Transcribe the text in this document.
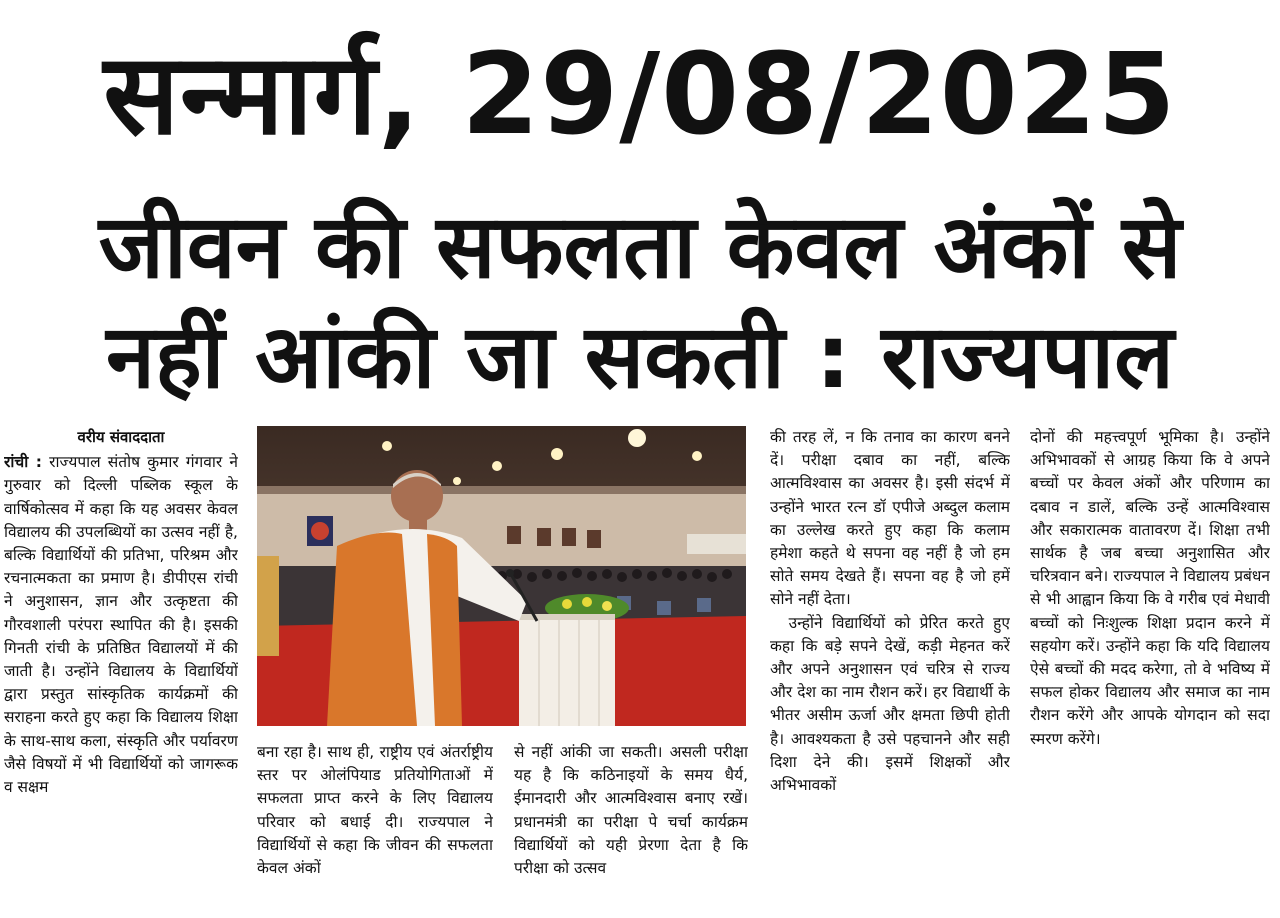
सन्मार्ग, 29/08/2025
जीवन की सफलता केवल अंकों से
नहीं आंकी जा सकती : राज्यपाल
वरीय संवाददाता

रांची : राज्यपाल संतोष कुमार गंगवार ने गुरुवार को दिल्ली पब्लिक स्कूल के वार्षिकोत्सव में कहा कि यह अवसर केवल विद्यालय की उपलब्धियों का उत्सव नहीं है, बल्कि विद्यार्थियों की प्रतिभा, परिश्रम और रचनात्मकता का प्रमाण है। डीपीएस रांची ने अनुशासन, ज्ञान और उत्कृष्टता की गौरवशाली परंपरा स्थापित की है। इसकी गिनती रांची के प्रतिष्ठित विद्यालयों में की जाती है। उन्होंने विद्यालय के विद्यार्थियों द्वारा प्रस्तुत सांस्कृतिक कार्यक्रमों की सराहना करते हुए कहा कि विद्यालय शिक्षा के साथ-साथ कला, संस्कृति और पर्यावरण जैसे विषयों में भी विद्यार्थियों को जागरूक व सक्षम

बना रहा है। साथ ही, राष्ट्रीय एवं अंतर्राष्ट्रीय स्तर पर ओलंपियाड प्रतियोगिताओं में सफलता प्राप्त करने के लिए विद्यालय परिवार को बधाई दी। राज्यपाल ने विद्यार्थियों से कहा कि जीवन की सफलता केवल अंकों

से नहीं आंकी जा सकती। असली परीक्षा यह है कि कठिनाइयों के समय धैर्य, ईमानदारी और आत्मविश्वास बनाए रखें। प्रधानमंत्री का परीक्षा पे चर्चा कार्यक्रम विद्यार्थियों को यही प्रेरणा देता है कि परीक्षा को उत्सव

की तरह लें, न कि तनाव का कारण बनने दें। परीक्षा दबाव का नहीं, बल्कि आत्मविश्वास का अवसर है। इसी संदर्भ में उन्होंने भारत रत्न डॉ एपीजे अब्दुल कलाम का उल्लेख करते हुए कहा कि कलाम हमेशा कहते थे सपना वह नहीं है जो हम सोते समय देखते हैं। सपना वह है जो हमें सोने नहीं देता।

उन्होंने विद्यार्थियों को प्रेरित करते हुए कहा कि बड़े सपने देखें, कड़ी मेहनत करें और अपने अनुशासन एवं चरित्र से राज्य और देश का नाम रौशन करें। हर विद्यार्थी के भीतर असीम ऊर्जा और क्षमता छिपी होती है। आवश्यकता है उसे पहचानने और सही दिशा देने की। इसमें शिक्षकों और अभिभावकों

दोनों की महत्त्वपूर्ण भूमिका है। उन्होंने अभिभावकों से आग्रह किया कि वे अपने बच्चों पर केवल अंकों और परिणाम का दबाव न डालें, बल्कि उन्हें आत्मविश्वास और सकारात्मक वातावरण दें। शिक्षा तभी सार्थक है जब बच्चा अनुशासित और चरित्रवान बने। राज्यपाल ने विद्यालय प्रबंधन से भी आह्वान किया कि वे गरीब एवं मेधावी बच्चों को निःशुल्क शिक्षा प्रदान करने में सहयोग करें। उन्होंने कहा कि यदि विद्यालय ऐसे बच्चों की मदद करेगा, तो वे भविष्य में सफल होकर विद्यालय और समाज का नाम रौशन करेंगे और आपके योगदान को सदा स्मरण करेंगे।
